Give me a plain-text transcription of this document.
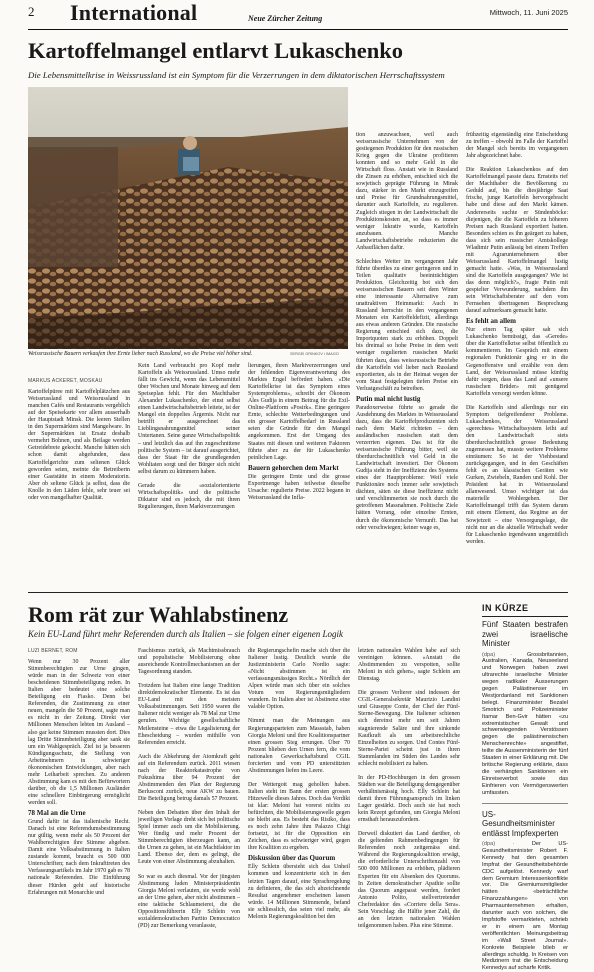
2 International	Neue Zürcher Zeitung
Mittwoch, 11. Juni 2025
Kartoffelmangel entlarvt Lukaschenko
Die Lebensmittelkrise in Weissrussland ist ein Symptom für die Verzerrungen in dem diktatorischen Herrschaftssystem
Weissrussische Bauern verkaufen ihre Ernte lieber nach Russland, wo die Preise viel höher sind.	SERGEI GRINKOV / IMAGO
MARKUS ACKERET, MOSKAU

Kartoffelpüree mit Kartoffelplätzchen aus Weissrussland und Weissrussland in manchen Cafés und Restaurants vergeblich auf der Speisekarte vor allem ausserhalb der Hauptstadt Minsk. Die leeren Stellen in den Supermärkten sind Mangelware. In der Supermärkten ist Ersatz deshalb vermehrt Bohnen, und als Beilage werden Getreidebreie gekocht. Manche hätten sich schon damit abgefunden, dass Kartoffelgerichte zum seltenen Glück geworden seien, meinte die Betreiberin einer Gaststätte in einem Moderatorin. Aber ob seltene Glück ja selbst, dass die Knolle in den Läden fehle, sehr teuer sei oder von mangelhafter Qualität.

Kein Land verbraucht pro Kopf mehr Kartoffeln als Weissrussland. Umso mehr fällt ins Gewicht, wenn das Lebensmittel über Wochen und Monate hinweg auf dem Speiseplan fehlt. Für den Machthaber Alexander Lukaschenko, der einst selbst einen Landwirtschaftsbetrieb leitete, ist der Mangel ein doppeltes Ärgernis. Nicht nur betrifft er ausgerechnet das Lieblingsnahrungsmittel seiner Untertanen. Seine ganze Wirtschaftspolitik – und letztlich das auf ihn zugeschnittene politische System – ist darauf ausgerichtet, dass der Staat für die grundlegenden Wohltaten sorgt und der Bürger sich nicht selbst darum zu kümmern haben.

Gerade die «sozialorientierte Wirtschaftspolitik» und die politische Diktatur sind es jedoch, die mit ihren Regulierungen, ihren Marktverzerrungen

lierungen, ihren Marktverzerrungen und der fehlenden Eigenverantwortung des Marktes Engel befördert haben. «Die Kartoffelkrise ist das Symptom eines Systemproblems», schreibt der Ökonom Ales Gudija in einem Beitrag für die Exil-Online-Plattform «Posirk». Eine geringere Ernte, schlechte Wetterbedingungen und ein grosser Kartoffelbedarf in Russland seien die Gründe für den Mangel angekommen. Erst der Umgang des Staates mit diesen und weiteren Faktoren führte aber zu der für Lukaschenko peinlichen Lage.

Bauern gehorchen dem Markt

Die geringere Ernte und die grosse Exportmenge haben teilweise dieselbe Ursache: regulierte Preise. 2022 begann in Weissrussland die Infla-

tion anzuwachsen, weil auch weissrussische Unternehmen von der gestiegenen Produktion für den russischen Krieg gegen die Ukraine profitieren konnten und so mehr Geld in die Wirtschaft floss. Anstatt wie in Russland die Zinsen zu erhöhen, entschied sich die sowjetisch geprägte Führung in Minsk dazu, stärker in den Markt einzugreifen und Preise für Grundnahrungsmittel, darunter auch Kartoffeln, zu regulieren. Zugleich stiegen in der Landwirtschaft die Produktionskosten an, so dass es immer weniger lukrativ wurde, Kartoffeln anzubauen. Manche Landwirtschaftsbetriebe reduzierten die Anbauflächen dafür.

Schlechtes Wetter im vergangenen Jahr führte überdies zu einer geringeren und in Teilen qualitativ beeinträchtigten Produktion. Gleichzeitig bot sich den weissrussischen Bauern seit dem Winter eine interessante Alternative zum unattraktiven Heimmarkt: Auch in Russland herrschte in den vergangenen Monaten ein Kartoffeldefizit, allerdings aus etwas anderen Gründen. Die russische Regierung entschied sich dazu, die Importquoten stark zu erhöhen. Doppelt bis dreimal so hohe Preise in dem weit weniger regulierten russischen Markt führten dazu, dass weissrussische Betriebe die Kartoffeln viel lieber nach Russland exportierten, als in der Heimat wegen der vom Staat festgelegten tiefen Preise ein Verlustgeschäft zu betreiben.

Putin mal nicht lustig

Paradoxerweise führte so gerade die Ausdehnung des Marktes in Weissrussland dazu, dass die Kartoffelproduzenten sich nach dem Markt richteten – dem ausländischen russischen statt dem verzerrten eigenen. Das ist für die weissrussische Führung bitter, weil sie überdurchschnittlich viel Geld in die Landwirtschaft investiert. Der Ökonom Gudija sieht in der Ineffizienz des Systems eines der Hauptprobleme: Weil viele Funktionäre noch immer sehr sowjetisch dächten, säten sie diese Ineffizienz nicht und verschlimmerten sie noch durch die getroffenen Massnahmen. Politische Ziele hätten Vorrang, oder einzelne Ernten, durch die ökonomische Vernunft. Das hat oder verschwiegen; keiner wage es,

frühzeitig eigenständig eine Entscheidung zu treffen – obwohl im Falle der Kartoffel der Mangel sich bereits im vergangenen Jahr abgezeichnet habe.

Die Reaktion Lukaschenkos auf den Kartoffelmangel passte dazu. Ernsteits rief der Machthaber die Bevölkerung zu Geduld auf, bis die diesjährige Saat frische, junge Kartoffeln hervorgebracht habe und diese auf den Markt kämen. Andererseits suchte er Sündenböcke: diejenigen, die die Kartoffeln zu höheren Preisen nach Russland exportiert hatten. Besonders schien es ihn geärgert zu haben, dass sich sein russischer Amtskollege Wladimir Putin anlässig bei einem Treffen mit Agrarunternehmern über Weissrussland Kartoffelmangel lustig gemacht hatte. «Was, in Weissrussland sind die Kartoffeln ausgegangen? Wie ist das denn möglich?», fragte Putin mit gespielter Verwunderung, nachdem ihn sein Wirtschaftsberater auf den vom Fernsehen übertragenen Besprechung darauf aufmerksam gemacht hatte.

Es fehlt an allem

Nur einen Tag später sah sich Lukaschenko bemüssigt, das «Gerede» über die Kartoffelkrise selbst öffentlich zu kommentieren. Im Gespräch mit einem regionalen Funktionär ging er in die Gegenoffensive und erzählte von dem Land, der Weissrussland müsse künftig dafür sorgen, dass das Land auf «unsere russischen Brüder» mit genügend Kartoffeln versorgt werden könne.

Die Kartoffeln sind allerdings nur ein Symptom tiefgreifenderer Probleme. Lukaschenkos, der Weissrussland «gerechtes» Wirtschaftssystem leiht auf den Landwirtschaft stets überdurchschnittlich grosse Bedeutung zugemessen hat, musste weitere Probleme einräumen: So ist der Viehbestand zurückgegangen, und in den Geschäften fehlt es an klassischen Geräten wie Gurken, Zwiebeln, Randen und Kohl. Der Präsident hat in Weissrussland allanwesend. Umso wichtiger ist das materielle Wohlergehen. Der Kartoffelmangel trifft das System darum mit einem Element, das Regime an der Sowjetzeit – eine Versorgungslage, die nicht nur an die aktuelle Wirtschaft weder für Lukaschenko irgendwann ungemütlich werden.

Rom rät zur Wahlabstinenz
Kein EU-Land führt mehr Referenden durch als Italien – sie folgen einer eigenen Logik
LUZI BERNET, ROM

Wenn nur 30 Prozent aller Stimmberechtigten zur Urne gingen, würde man in der Schweiz von einer bescheidenen Stimmbeteiligung reden. In Italien aber bedeutet eine solche Beteiligung ein Fiasko. Denn bei Referenden, die Zustimmung zu einer neuen, mangeln die 50 Prozent, sagte man es nicht in der Zeitung. Direkt vier Millionen Menschen lebten im Ausland – also gar keine Stimmen mussten dort. Dies lag Dritte Stimmbeteiligung aber sank sie um ein Wahlgespräch. Ziel ist ja besseren Kündigungsschutz, die Stellung von Arbeitnehmern in schwieriger ökonomischen Entwicklungen, aber nach mehr Leiharbeit sprechen. Zu anderen Abstimmung kam es mit den Befürwortern darüber, ob die 1,5 Millionen Ausländer eine schnellere Einbürgerung ermöglicht werden soll.

78 Mal an die Urne

Grund dafür ist das italienische Recht. Danach ist eine Referendumsbestimmung nur gültig, wenn mehr als 50 Prozent der Wahlberechtigten ihre Stimme abgeben. Damit eine Volksabstimmung in Italien zustande kommt, braucht es 500 000 Unterschriften; nach dem Inkrafttreten des Verfassungsartikels im Jahr 1970 gab es 78 nationale Referenden. Die Einführung dieser Hürden geht auf historische Erfahrungen mit Monarchie und

Faschismus zurück, als Machtmissbrauch und populistische Mobilisierung ohne ausreichende Kontrollmechanismen an der Tagesordnung standen.

Trotzdem hat Italien eine lange Tradition direktdemokratischer Elemente. Es ist das EU-Land mit den meisten Volksabstimmungen. Seit 1950 waren die Italiener nicht weniger als 78 Mal zur Urne gerufen. Wichtige gesellschaftliche Meilensteine – etwa die Legalisierung der Ehescheidung – wurden mithilfe von Referenden erreicht.

Auch die Abkehrung der Atomkraft geht auf ein Referendum zurück. 2011 wiesen nach der Reaktorkatastrophe von Fukushima über 94 Prozent der Abstimmenden den Plan der Regierung Berlusconi zurück, neue AKW zu bauen. Die Beteiligung betrug damals 57 Prozent.

Neben den Debatten über den Inhalt der jeweiligen Vorlage dreht sich bei politische Spiel immer auch um die Mobilisierung. Wer fündig und mehr Prozent der Stimmberechtigten überzeugen kann, an die Urnen zu gehen, ist ein Machtfaktor im Land. Ebenso der, dem es gelingt, die Leute von einer Abstimmung abzuhalten.

So war es auch diesmal. Vor der jüngsten Abstimmung luden Ministerpräsidentin Giorgia Meloni verlauten, sie werde wohl an der Urne gehen, aber nicht abstimmen – eine taktische Schlaumeierei, die die Oppositionsführerin Elly Schlein von sozialdemokratischen Partito Democratico (PD) zur Bemerkung veranlasste,

die Regierungschefin mache sich über die Italiener lustig. Deutlich wurde die Justizministerin Carlo Nordio sagte: «Nicht abstimmen ist ein verfassungsmässiges Recht.» Nördlich der Alpen würde man sich über ein solches Votum von Regierungsmitgliedern wundern. In Italien aber ist Abstinenz eine valable Option.

Nimmt man die Meinungen aus Regierungsparteien zum Massstab, haben Giorgia Meloni und ihre Koalitionspartner einen grossen Sieg errungen. Über 70 Prozent blieben den Urnen fern, die vom nationalen Gewerkschaftsbund CGIL forcierten und vom PD unterstützten Abstimmungen liefen ins Leere.

Der Wettergott mag geholfen haben. Italien steht im Bann der ersten grossen Hitzewelle dieses Jahres. Doch das Verdikt ist klar: Meloni hat vorerst nichts zu befürchten, die Mobilisierungswelle gegen sie bleibt aus. Es besteht das Risiko, dass es noch zehn Jahre ihm Palazzo Chigi fortsetzt, ist für die Opposition ein Zeichen, dass es schwieriger wird, gegen ihre Koalition zu ergeben.

Diskussion über das Quorum

Elly Schlein übersieht sich das Unheil kommen und konzentrierte sich in den letzten Tagen darauf, eine Sprachregelung zu definieren, die das sich abzeichnende Resultat angenehmer erscheinen lassen würde. 14 Millionen Stimmende, befand sie schliesslich, das seien viel mehr, als Melonis Regierungskoalition bei den

letzten nationalen Wahlen habe auf sich vereinigen können. «Anstatt die Abstimmenden zu verspotten, sollte Meloni in sich gehen», sagte Schlein am Dienstag.

Die grossen Verlierer sind indessen der CGIL-Generalsekretär Maurizio Landini und Giuseppe Conte, der Chef der Fünf-Sterne-Bewegung. Die Italiener schienen sich dereinst mehr um seit Jahren stagnierende Saläre und ihre sinkende Kaufkraft als um arbeitsrechtliche Einzelheiten zu sorgen. Und Contes Fünf-Sterne-Partei scheint just in ihren Stammlanden im Süden des Landes sehr schlecht mobilisiert zu haben.

In der PD-Hochburgen in den grossen Städten war die Beteiligung demgegenüber verhältnismässig hoch. Elly Schlein hat damit ihren Führungsanspruch im linken Lager gestärkt. Doch auch sie hat noch kein Rezept gefunden, um Giorgia Meloni ernsthaft herauszufordern.

Derweil diskutiert das Land darüber, ob die geltenden Rahmenbedingungen für Referenden noch zeitgemäss sind. Während die Regierungskoalition erwägt, die erforderliche Unterschriftenzahl von 500 000 Millionen zu erhöhen, plädieren Experten für ein Absenken des Quorums. In Zeiten demokratischer Apathie sollte das Quorum angepasst werden, fordert Antonio Polito, stellvertretender Chefredaktor des «Corriere della Sera». Sein Vorschlag: die Hälfte jener Zahl, die an den letzten nationalen Wahlen teilgenommen haben. Plus eine Stimme.

IN KÜRZE
Fünf Staaten bestrafen zwei israelische Minister

(dpa) ·	Grossbritannien, Australien, Kanada, Neuseeland und Norwegen haben zwei ultrarechte israelische Minister wegen radikaler Äusserungen gegen Palästinenser im Westjordanland mit Sanktionen belegt. Finanzminister Bezalel Smotrich und Polizeiminister Itamar Ben-Gvir hätten «zu extremistischer Gewalt und schwerwiegenden Verstössen gegen die palästinensischen Menschenrechte» angestiftet, teilte die Aussenministerin der fünf Staaten in einer Erklärung mit. Die britische Regierung erklärte, dass die verhängten Sanktionen ein Einreiseverbot sowie das Einfrieren von Vermögenswerten umfassten.

US-Gesundheitsminister entlässt Impfexperten

(dpa) ·	Der US-Gesundheitsminister Robert F. Kennedy hat den gesamten Impfrat der Gesundheitsbehörde CDC aufgelöst. Kennedy warf dem Gremium Interessenkonflikte vor. Die Gremiumsmitglieder hätten «beträchtliche Finanzzahlungen» von Pharmaunternehmen erhalten, darunter auch von solchen, die Impfstoffe vermarkteten, schrieb er in einem am Montag veröffentlichten Meinungsbeitrag im «Wall Street Journal». Konkrete Beispiele blieb er allerdings schuldig. In Kreisen von Medizinern trat die Entscheidung Kennedys auf scharfe Kritik.
